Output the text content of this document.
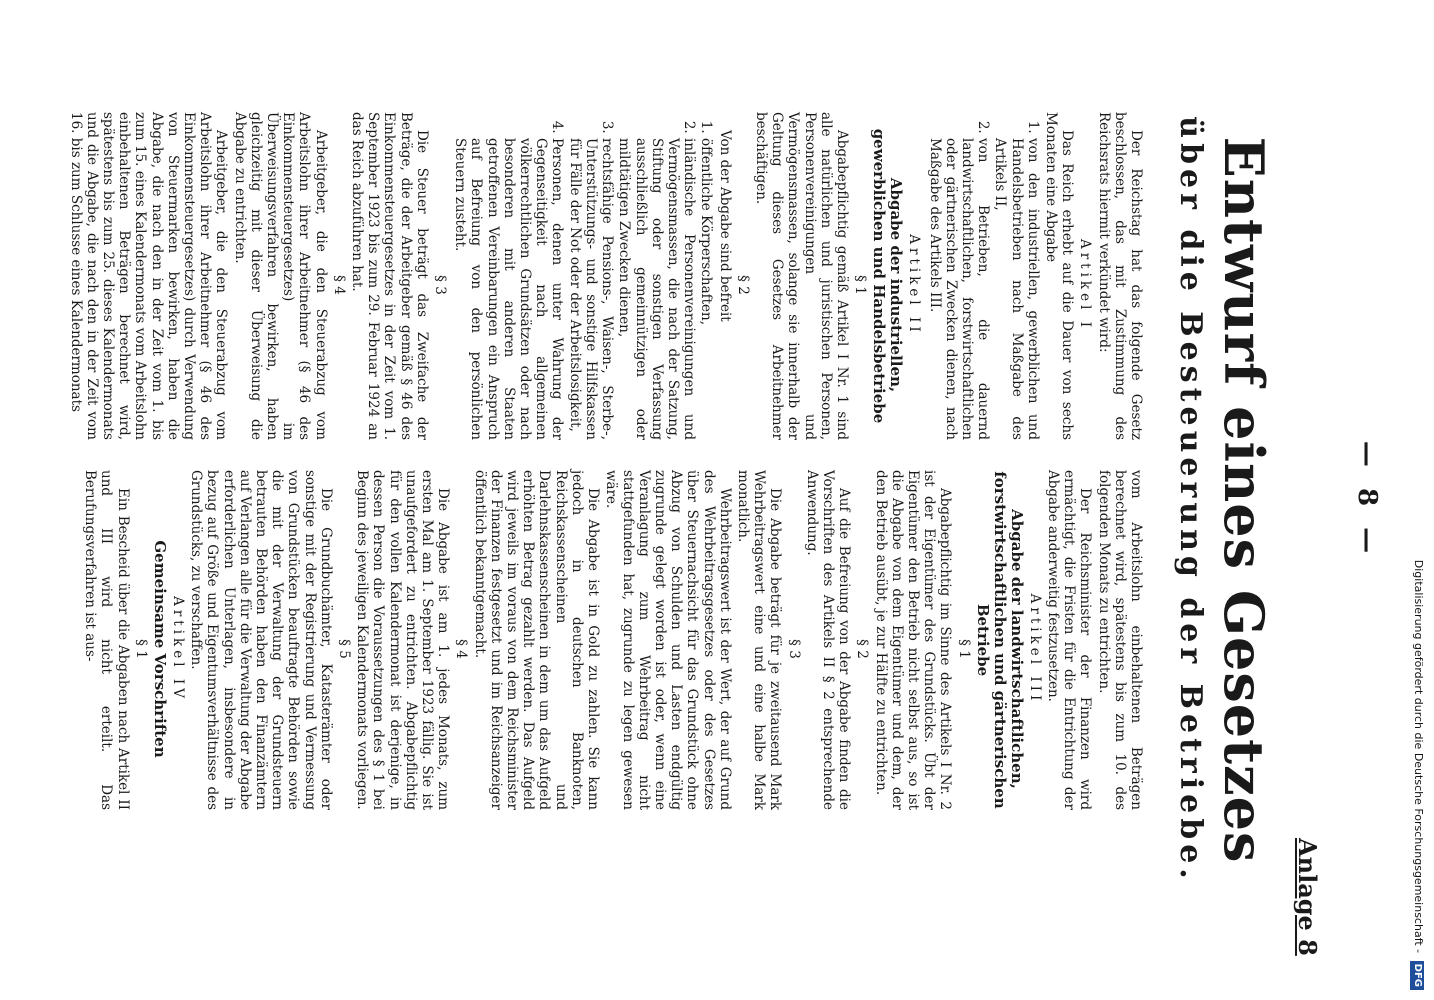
— 8 —
Anlage 8
Entwurf eines Gesetzes
über die Besteuerung der Betriebe.

Der Reichstag hat das folgende Gesetz beschlossen, das mit Zustimmung des Reichsrats hiermit verkündet wird:

Artikel I

Das Reich erhebt auf die Dauer von sechs Monaten eine Abgabe

1. von den industriellen, gewerblichen und Handelsbetrieben nach Maßgabe des Artikels II,
2. von Betrieben, die dauernd landwirtschaftlichen, forstwirtschaftlichen oder gärtnerischen Zwecken dienen, nach Maßgabe des Artikels III.

Artikel II

Abgabe der industriellen, gewerblichen und Handelsbetriebe

§ 1

Abgabepflichtig gemäß Artikel I Nr. 1 sind alle natürlichen und juristischen Personen, Personenvereinigungen und Vermögensmassen, solange sie innerhalb der Geltung dieses Gesetzes Arbeitnehmer beschäftigen.

§ 2

Von der Abgabe sind befreit

1. öffentliche Körperschaften,
2. inländische Personenvereinigungen und Vermögensmassen, die nach der Satzung, Stiftung oder sonstigen Verfassung ausschließlich gemeinnützigen oder mildtätigen Zwecken dienen,
3. rechtsfähige Pensions-, Waisen-, Sterbe-, Unterstützungs- und sonstige Hilfskassen für Fälle der Not oder der Arbeitslosigkeit,
4. Personen, denen unter Wahrung der Gegenseitigkeit nach allgemeinen völkerrechtlichen Grundsätzen oder nach besonderen mit anderen Staaten getroffenen Vereinbarungen ein Anspruch auf Befreiung von den persönlichen Steuern zusteht.

§ 3

Die Steuer beträgt das Zweifache der Beträge, die der Arbeitgeber gemäß § 46 des Einkommensteuergesetzes in der Zeit vom 1. September 1923 bis zum 29. Februar 1924 an das Reich abzuführen hat.

§ 4

Arbeitgeber, die den Steuerabzug vom Arbeitslohn ihrer Arbeitnehmer (§ 46 des Einkommensteuergesetzes) im Überweisungsverfahren bewirken, haben gleichzeitig mit dieser Überweisung die Abgabe zu entrichten.

Arbeitgeber, die den Steuerabzug vom Arbeitslohn ihrer Arbeitnehmer (§ 46 des Einkommensteuergesetzes) durch Verwendung von Steuermarken bewirken, haben die Abgabe, die nach den in der Zeit vom 1. bis zum 15. eines Kalendermonats vom Arbeitslohn einbehaltenen Beträgen berechnet wird, spätestens bis zum 25. dieses Kalendermonats und die Abgabe, die nach den in der Zeit vom 16. bis zum Schlusse eines Kalendermonats

vom Arbeitslohn einbehaltenen Beträgen berechnet wird, spätestens bis zum 10. des folgenden Monats zu entrichten.

Der Reichsminister der Finanzen wird ermächtigt, die Fristen für die Entrichtung der Abgabe anderweitig festzusetzen.

Artikel III

Abgabe der landwirtschaftlichen, forstwirtschaftlichen und gärtnerischen Betriebe

§ 1

Abgabepflichtig im Sinne des Artikels I Nr. 2 ist der Eigentümer des Grundstücks. Übt der Eigentümer den Betrieb nicht selbst aus, so ist die Abgabe von dem Eigentümer und dem, der den Betrieb ausübt, je zur Hälfte zu entrichten.

§ 2

Auf die Befreiung von der Abgabe finden die Vorschriften des Artikels II § 2 entsprechende Anwendung.

§ 3

Die Abgabe beträgt für je zweitausend Mark Wehrbeitragswert eine und eine halbe Mark monatlich.

Wehrbeitragswert ist der Wert, der auf Grund des Wehrbeitragsgesetzes oder des Gesetzes über Steuernachsicht für das Grundstück ohne Abzug von Schulden und Lasten endgültig zugrunde gelegt worden ist oder, wenn eine Veranlagung zum Wehrbeitrag nicht stattgefunden hat, zugrunde zu legen gewesen wäre.

Die Abgabe ist in Gold zu zahlen. Sie kann jedoch in deutschen Banknoten, Reichskassenscheinen und Darlehnskassenscheinen in dem um das Aufgeld erhöhten Betrag gezahlt werden. Das Aufgeld wird jeweils im voraus von dem Reichsminister der Finanzen festgesetzt und im Reichsanzeiger öffentlich bekanntgemacht.

§ 4

Die Abgabe ist am 1. jedes Monats, zum ersten Mal am 1. September 1923 fällig. Sie ist unaufgefordert zu entrichten. Abgabepflichtig für den vollen Kalendermonat ist derjenige, in dessen Person die Voraussetzungen des § 1 bei Beginn des jeweiligen Kalendermonats vorliegen.

§ 5

Die Grundbuchämter, Katasterämter oder sonstige mit der Registrierung und Vermessung von Grundstücken beauftragte Behörden sowie die mit der Verwaltung der Grundsteuern betrauten Behörden haben den Finanzämtern auf Verlangen alle für die Verwaltung der Abgabe erforderlichen Unterlagen, insbesondere in bezug auf Größe und Eigentumsverhältnisse des Grundstücks, zu verschaffen.

Artikel IV

Gemeinsame Vorschriften

§ 1

Ein Bescheid über die Abgaben nach Artikel II und III wird nicht erteilt. Das Berufungsverfahren ist aus-	Digitalisierung gefördert durch die Deutsche Forschungsgemeinschaft - DFG
